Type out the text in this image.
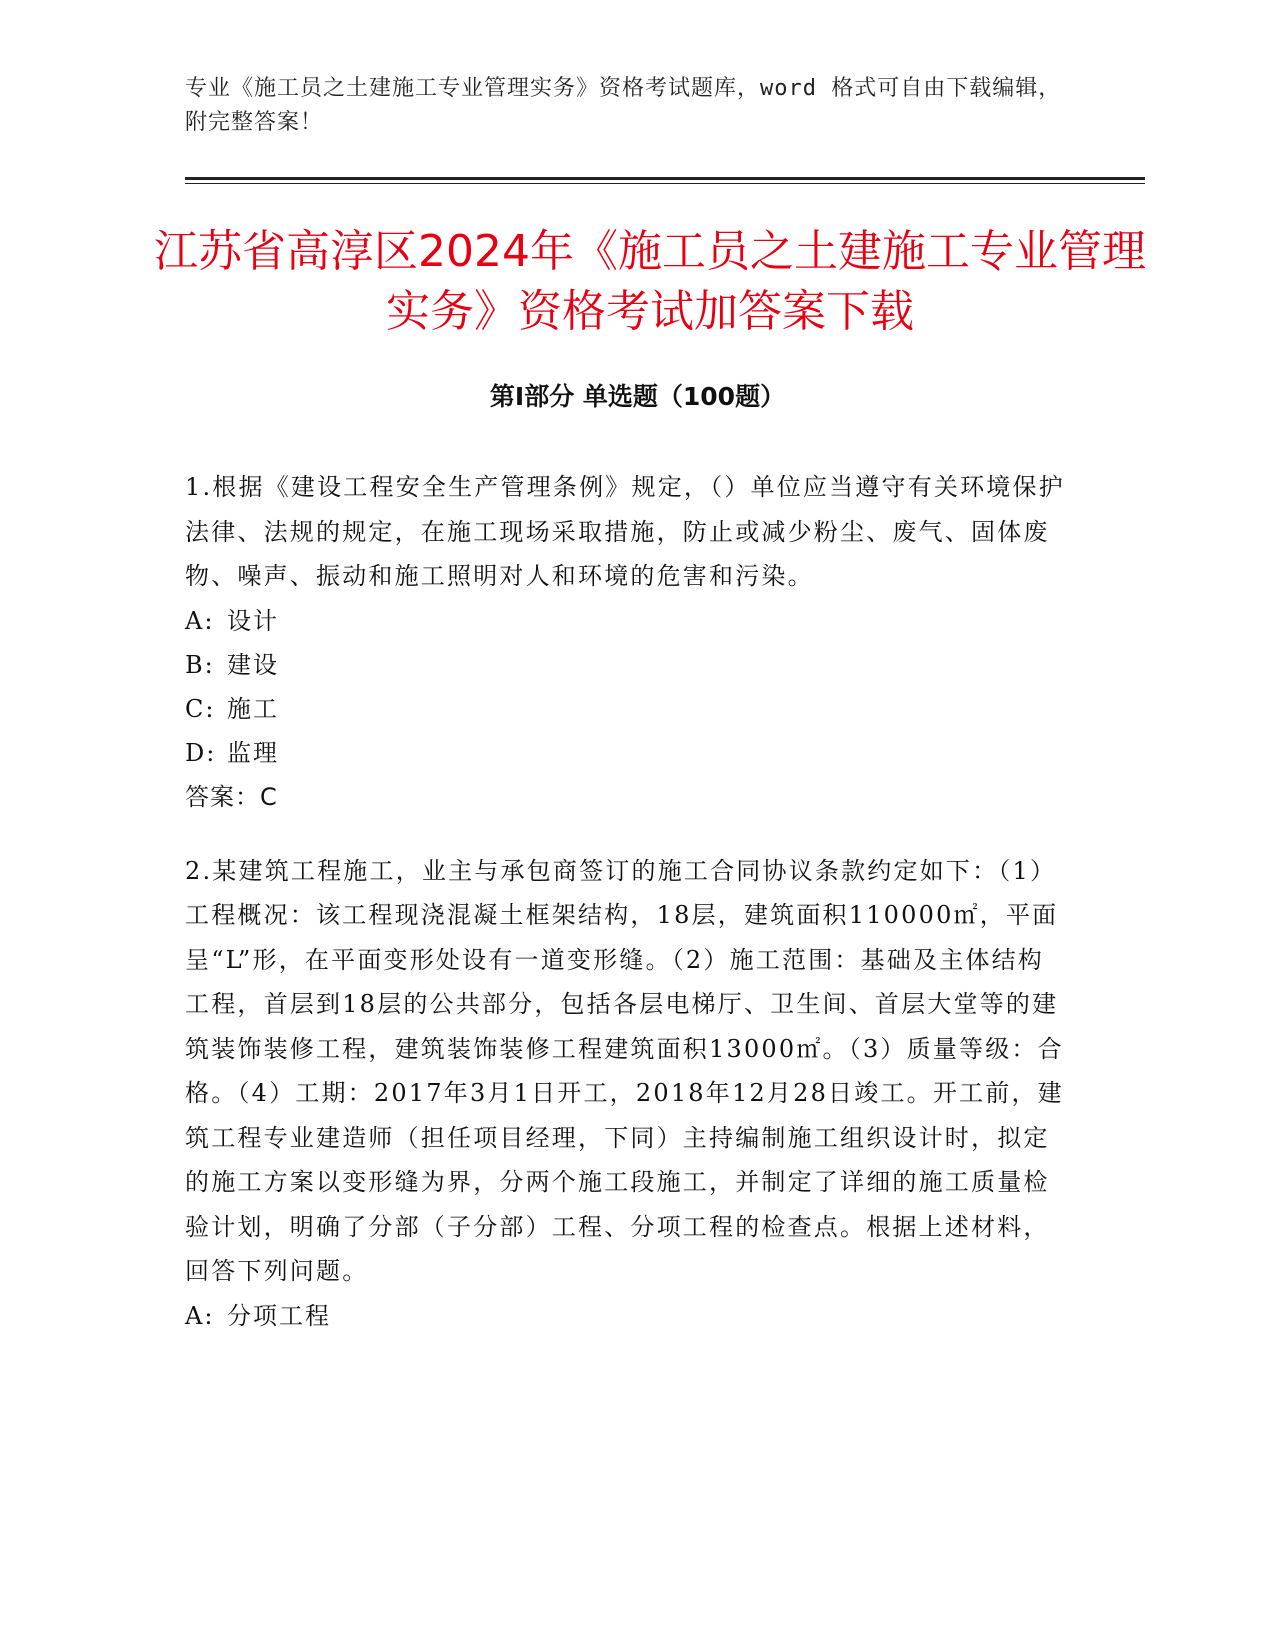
专业《施工员之土建施工专业管理实务》资格考试题库，word 格式可自由下载编辑，附完整答案！
江苏省高淳区2024年《施工员之土建施工专业管理实务》资格考试加答案下载
第Ⅰ部分 单选题（100题）

1.根据《建设工程安全生产管理条例》规定，（）单位应当遵守有关环境保护法律、法规的规定，在施工现场采取措施，防止或减少粉尘、废气、固体废物、噪声、振动和施工照明对人和环境的危害和污染。

A: 设计

B: 建设

C: 施工

D: 监理

答案：C

2.某建筑工程施工，业主与承包商签订的施工合同协议条款约定如下：（1）工程概况：该工程现浇混凝土框架结构，18层，建筑面积110000㎡，平面呈“L”形，在平面变形处设有一道变形缝。（2）施工范围：基础及主体结构工程，首层到18层的公共部分，包括各层电梯厅、卫生间、首层大堂等的建筑装饰装修工程，建筑装饰装修工程建筑面积13000㎡。（3）质量等级：合格。（4）工期：2017年3月1日开工，2018年12月28日竣工。开工前，建筑工程专业建造师（担任项目经理，下同）主持编制施工组织设计时，拟定的施工方案以变形缝为界，分两个施工段施工，并制定了详细的施工质量检验计划，明确了分部（子分部）工程、分项工程的检查点。根据上述材料，回答下列问题。

A: 分项工程
